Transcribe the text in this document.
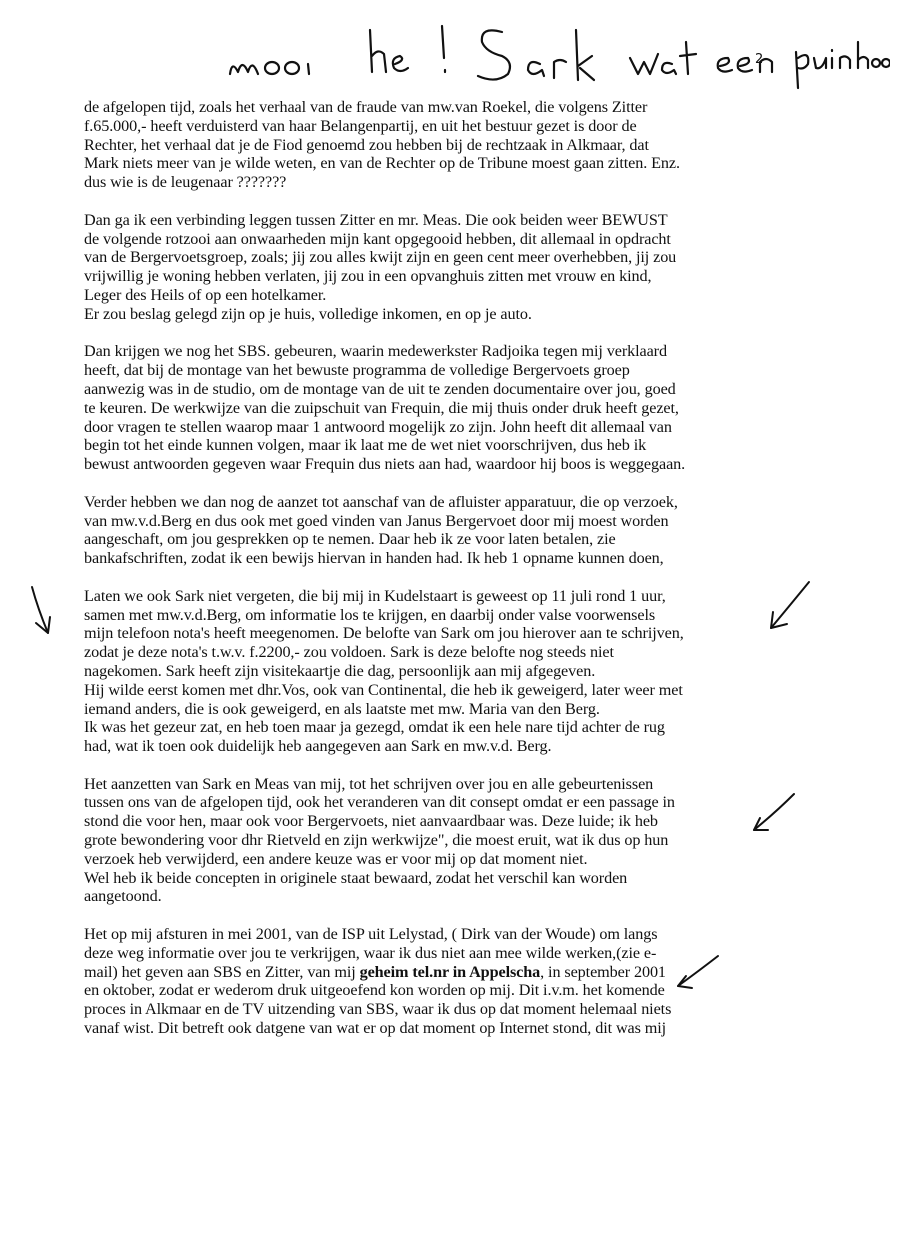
2

de afgelopen tijd, zoals het verhaal van de fraude van mw.van Roekel, die volgens Zitter
f.65.000,- heeft verduisterd van haar Belangenpartij, en uit het bestuur gezet is door de
Rechter, het verhaal dat je de Fiod genoemd zou hebben bij de rechtzaak in Alkmaar, dat
Mark niets meer van je wilde weten, en van de Rechter op de Tribune moest gaan zitten. Enz.
dus wie is de leugenaar ???????

Dan ga ik een verbinding leggen tussen Zitter en mr. Meas. Die ook beiden weer BEWUST
de volgende rotzooi aan onwaarheden mijn kant opgegooid hebben, dit allemaal in opdracht
van de Bergervoetsgroep, zoals; jij zou alles kwijt zijn en geen cent meer overhebben, jij zou
vrijwillig je woning hebben verlaten, jij zou in een opvanghuis zitten met vrouw en kind,
Leger des Heils of op een hotelkamer.
Er zou beslag gelegd zijn op je huis, volledige inkomen, en op je auto.

Dan krijgen we nog het SBS. gebeuren, waarin medewerkster Radjoika tegen mij verklaard
heeft, dat bij de montage van het bewuste programma de volledige Bergervoets groep
aanwezig was in de studio, om de montage van de uit te zenden documentaire over jou, goed
te keuren. De werkwijze van die zuipschuit van Frequin, die mij thuis onder druk heeft gezet,
door vragen te stellen waarop maar 1 antwoord mogelijk zo zijn. John heeft dit allemaal van
begin tot het einde kunnen volgen, maar ik laat me de wet niet voorschrijven, dus heb ik
bewust antwoorden gegeven waar Frequin dus niets aan had, waardoor hij boos is weggegaan.

Verder hebben we dan nog de aanzet tot aanschaf van de afluister apparatuur, die op verzoek,
van mw.v.d.Berg en dus ook met goed vinden van Janus Bergervoet door mij moest worden
aangeschaft, om jou gesprekken op te nemen. Daar heb ik ze voor laten betalen, zie
bankafschriften, zodat ik een bewijs hiervan in handen had. Ik heb 1 opname kunnen doen,

Laten we ook Sark niet vergeten, die bij mij in Kudelstaart is geweest op 11 juli rond 1 uur,
samen met mw.v.d.Berg, om informatie los te krijgen, en daarbij onder valse voorwensels
mijn telefoon nota's heeft meegenomen. De belofte van Sark om jou hierover aan te schrijven,
zodat je deze nota's t.w.v. f.2200,- zou voldoen. Sark is deze belofte nog steeds niet
nagekomen. Sark heeft zijn visitekaartje die dag, persoonlijk aan mij afgegeven.
Hij wilde eerst komen met dhr.Vos, ook van Continental, die heb ik geweigerd, later weer met
iemand anders, die is ook geweigerd, en als laatste met mw. Maria van den Berg.
Ik was het gezeur zat, en heb toen maar ja gezegd, omdat ik een hele nare tijd achter de rug
had, wat ik toen ook duidelijk heb aangegeven aan Sark en mw.v.d. Berg.

Het aanzetten van Sark en Meas van mij, tot het schrijven over jou en alle gebeurtenissen
tussen ons van de afgelopen tijd, ook het veranderen van dit consept omdat er een passage in
stond die voor hen, maar ook voor Bergervoets, niet aanvaardbaar was. Deze luide; ik heb
grote bewondering voor dhr Rietveld en zijn werkwijze", die moest eruit, wat ik dus op hun
verzoek heb verwijderd, een andere keuze was er voor mij op dat moment niet.
Wel heb ik beide concepten in originele staat bewaard, zodat het verschil kan worden
aangetoond.

Het op mij afsturen in mei 2001, van de ISP uit Lelystad, ( Dirk van der Woude) om langs
deze weg informatie over jou te verkrijgen, waar ik dus niet aan mee wilde werken,(zie e-
mail) het geven aan SBS en Zitter, van mij geheim tel.nr in Appelscha, in september 2001
en oktober, zodat er wederom druk uitgeoefend kon worden op mij. Dit i.v.m. het komende
proces in Alkmaar en de TV uitzending van SBS, waar ik dus op dat moment helemaal niets
vanaf wist. Dit betreft ook datgene van wat er op dat moment op Internet stond, dit was mij
